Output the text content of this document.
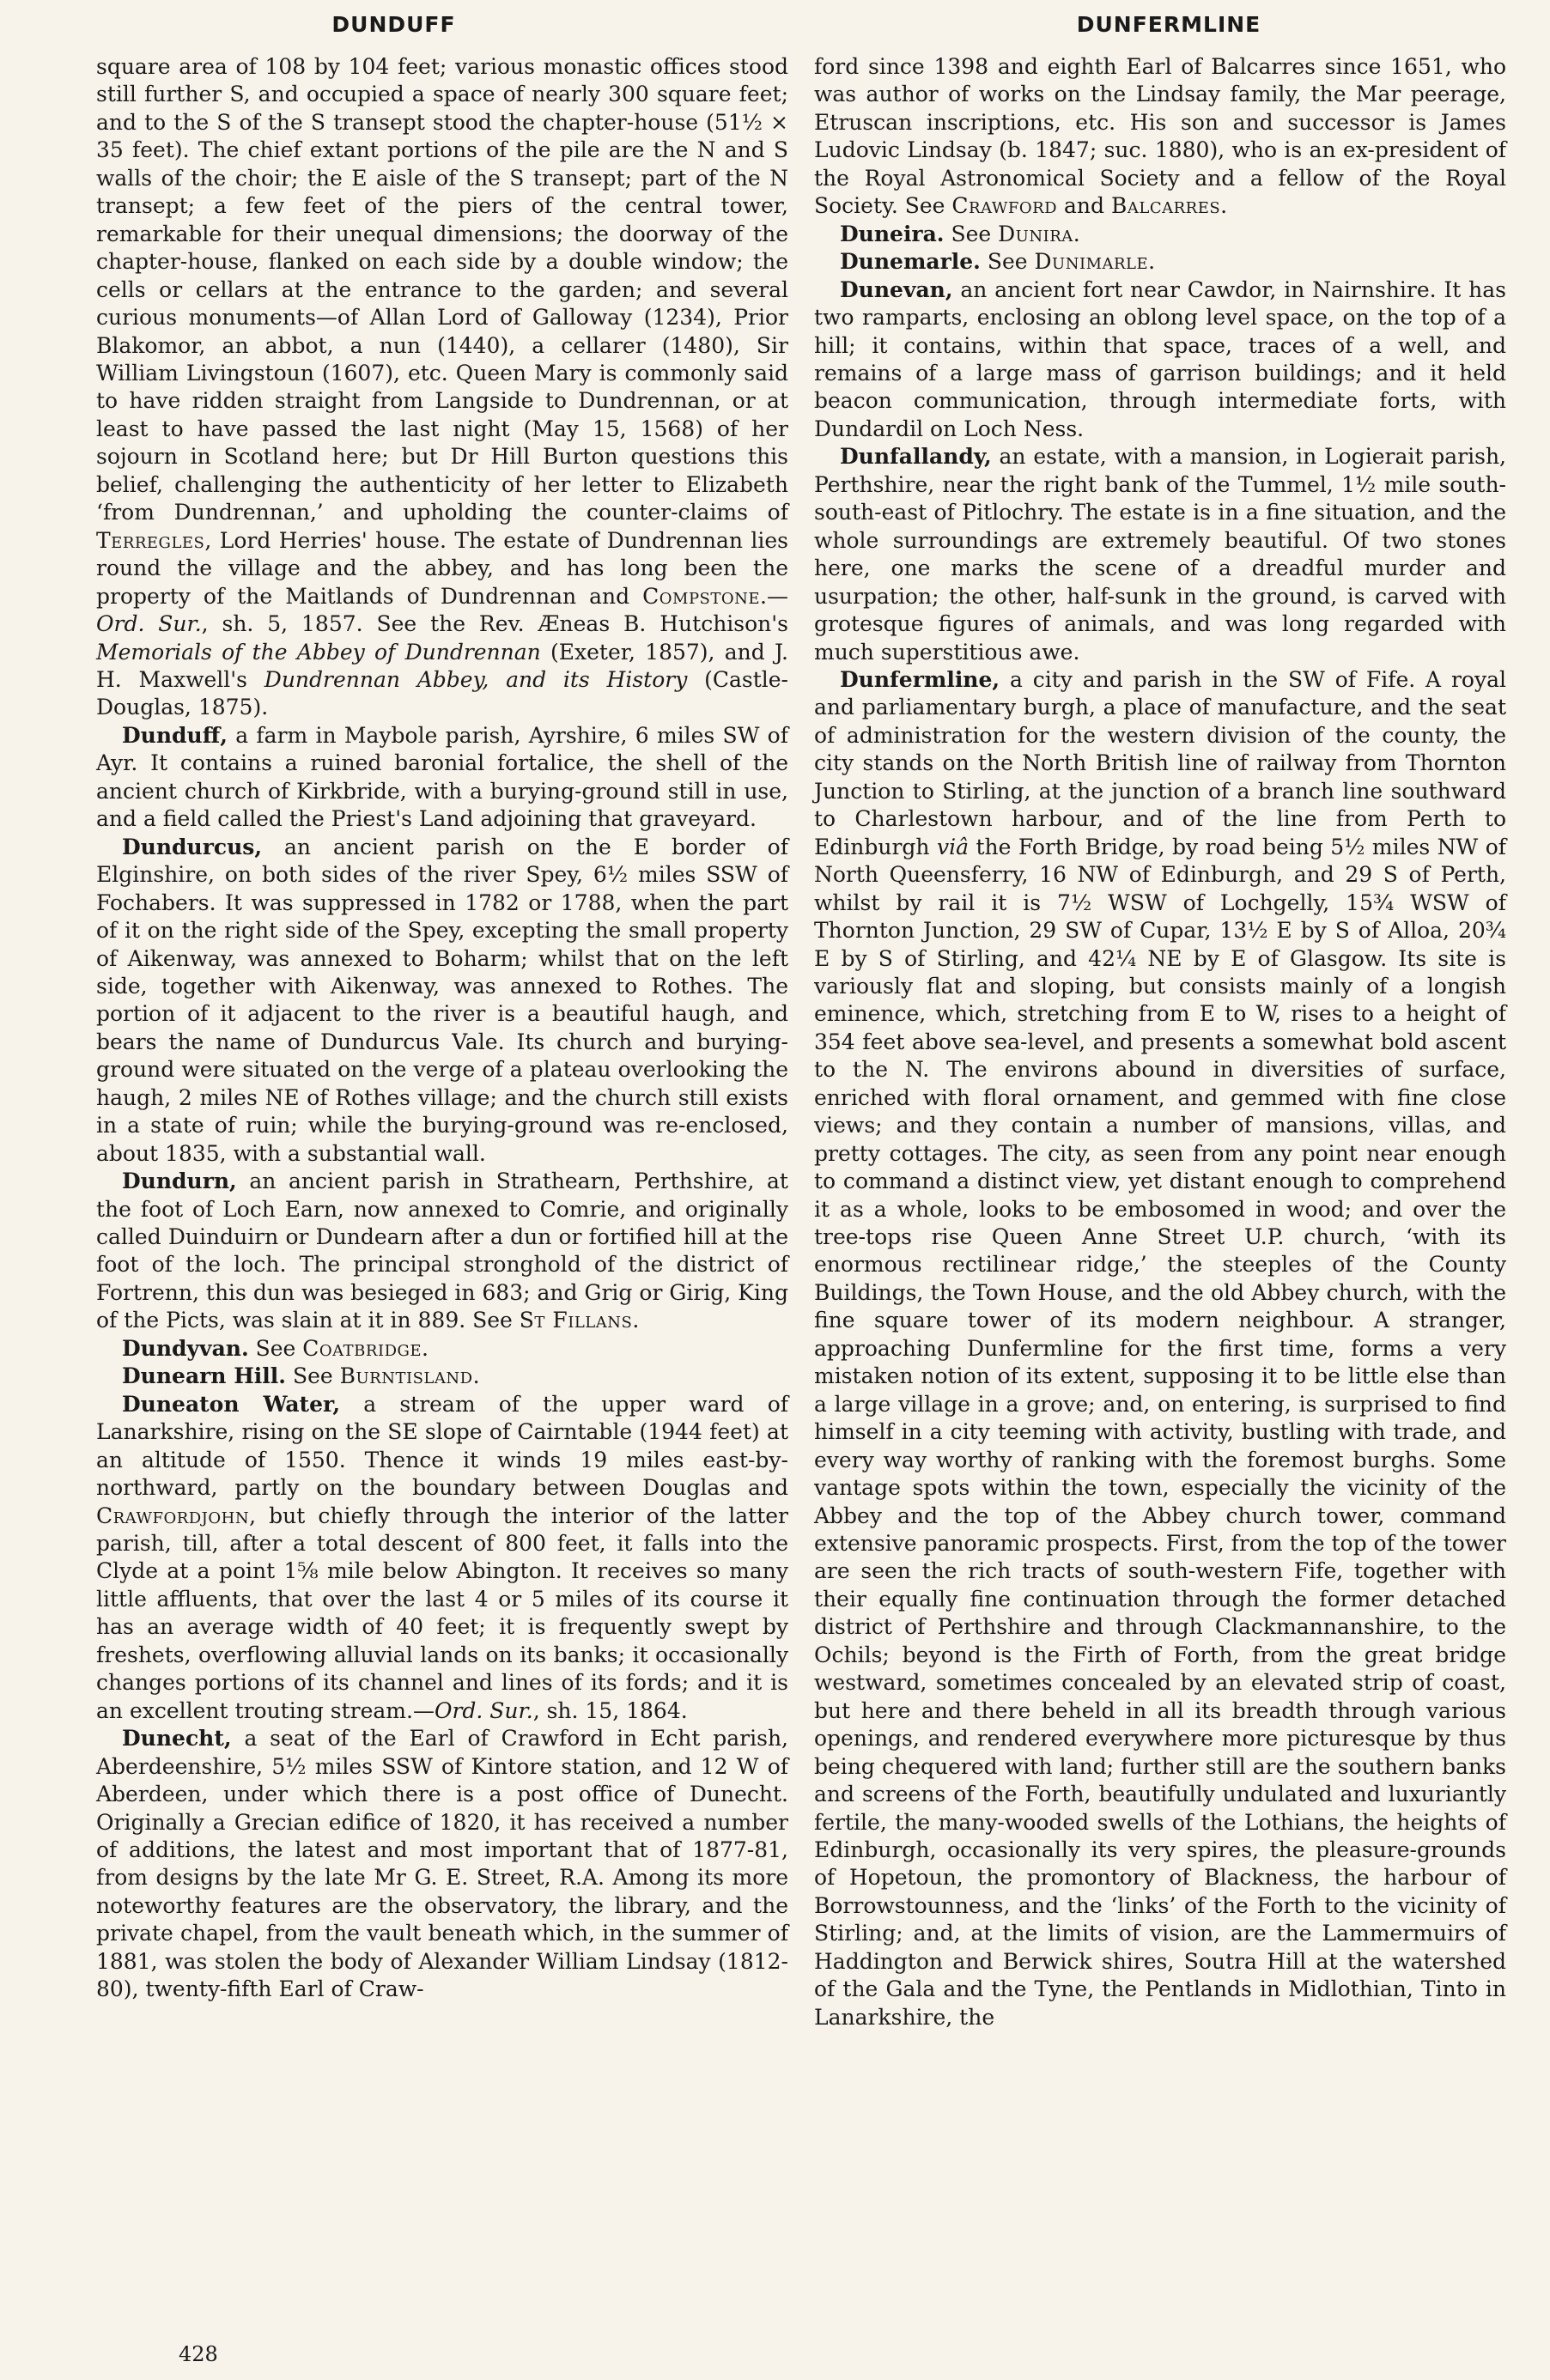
DUNDUFF	DUNFERMLINE

square area of 108 by 104 feet; various monastic offices stood still further S, and occupied a space of nearly 300 square feet; and to the S of the S transept stood the chapter-house (51½ × 35 feet). The chief extant portions of the pile are the N and S walls of the choir; the E aisle of the S transept; part of the N transept; a few feet of the piers of the central tower, remarkable for their unequal dimensions; the doorway of the chapter-house, flanked on each side by a double window; the cells or cellars at the entrance to the garden; and several curious monuments—of Allan Lord of Galloway (1234), Prior Blakomor, an abbot, a nun (1440), a cellarer (1480), Sir William Livingstoun (1607), etc. Queen Mary is commonly said to have ridden straight from Langside to Dundrennan, or at least to have passed the last night (May 15, 1568) of her sojourn in Scotland here; but Dr Hill Burton questions this belief, challenging the authenticity of her letter to Elizabeth ‘from Dundrennan,’ and upholding the counter-claims of Terregles, Lord Herries' house. The estate of Dundrennan lies round the village and the abbey, and has long been the property of the Maitlands of Dundrennan and Compstone.—Ord. Sur., sh. 5, 1857. See the Rev. Æneas B. Hutchison's Memorials of the Abbey of Dundrennan (Exeter, 1857), and J. H. Maxwell's Dundrennan Abbey, and its History (Castle-Douglas, 1875).

Dunduff, a farm in Maybole parish, Ayrshire, 6 miles SW of Ayr. It contains a ruined baronial fortalice, the shell of the ancient church of Kirkbride, with a burying-ground still in use, and a field called the Priest's Land adjoining that graveyard.

Dundurcus, an ancient parish on the E border of Elginshire, on both sides of the river Spey, 6½ miles SSW of Fochabers. It was suppressed in 1782 or 1788, when the part of it on the right side of the Spey, excepting the small property of Aikenway, was annexed to Boharm; whilst that on the left side, together with Aikenway, was annexed to Rothes. The portion of it adjacent to the river is a beautiful haugh, and bears the name of Dundurcus Vale. Its church and burying-ground were situated on the verge of a plateau overlooking the haugh, 2 miles NE of Rothes village; and the church still exists in a state of ruin; while the burying-ground was re-enclosed, about 1835, with a substantial wall.

Dundurn, an ancient parish in Strathearn, Perthshire, at the foot of Loch Earn, now annexed to Comrie, and originally called Duinduirn or Dundearn after a dun or fortified hill at the foot of the loch. The principal stronghold of the district of Fortrenn, this dun was besieged in 683; and Grig or Girig, King of the Picts, was slain at it in 889. See St Fillans.

Dundyvan. See Coatbridge.

Dunearn Hill. See Burntisland.

Duneaton Water, a stream of the upper ward of Lanarkshire, rising on the SE slope of Cairntable (1944 feet) at an altitude of 1550. Thence it winds 19 miles east-by-northward, partly on the boundary between Douglas and Crawfordjohn, but chiefly through the interior of the latter parish, till, after a total descent of 800 feet, it falls into the Clyde at a point 1⅝ mile below Abington. It receives so many little affluents, that over the last 4 or 5 miles of its course it has an average width of 40 feet; it is frequently swept by freshets, overflowing alluvial lands on its banks; it occasionally changes portions of its channel and lines of its fords; and it is an excellent trouting stream.—Ord. Sur., sh. 15, 1864.

Dunecht, a seat of the Earl of Crawford in Echt parish, Aberdeenshire, 5½ miles SSW of Kintore station, and 12 W of Aberdeen, under which there is a post office of Dunecht. Originally a Grecian edifice of 1820, it has received a number of additions, the latest and most important that of 1877-81, from designs by the late Mr G. E. Street, R.A. Among its more noteworthy features are the observatory, the library, and the private chapel, from the vault beneath which, in the summer of 1881, was stolen the body of Alexander William Lindsay (1812-80), twenty-fifth Earl of Craw-

ford since 1398 and eighth Earl of Balcarres since 1651, who was author of works on the Lindsay family, the Mar peerage, Etruscan inscriptions, etc. His son and successor is James Ludovic Lindsay (b. 1847; suc. 1880), who is an ex-president of the Royal Astronomical Society and a fellow of the Royal Society. See Crawford and Balcarres.

Duneira. See Dunira.

Dunemarle. See Dunimarle.

Dunevan, an ancient fort near Cawdor, in Nairnshire. It has two ramparts, enclosing an oblong level space, on the top of a hill; it contains, within that space, traces of a well, and remains of a large mass of garrison buildings; and it held beacon communication, through intermediate forts, with Dundardil on Loch Ness.

Dunfallandy, an estate, with a mansion, in Logierait parish, Perthshire, near the right bank of the Tummel, 1½ mile south-south-east of Pitlochry. The estate is in a fine situation, and the whole surroundings are extremely beautiful. Of two stones here, one marks the scene of a dreadful murder and usurpation; the other, half-sunk in the ground, is carved with grotesque figures of animals, and was long regarded with much superstitious awe.

Dunfermline, a city and parish in the SW of Fife. A royal and parliamentary burgh, a place of manufacture, and the seat of administration for the western division of the county, the city stands on the North British line of railway from Thornton Junction to Stirling, at the junction of a branch line southward to Charlestown harbour, and of the line from Perth to Edinburgh viâ the Forth Bridge, by road being 5½ miles NW of North Queensferry, 16 NW of Edinburgh, and 29 S of Perth, whilst by rail it is 7½ WSW of Lochgelly, 15¾ WSW of Thornton Junction, 29 SW of Cupar, 13½ E by S of Alloa, 20¾ E by S of Stirling, and 42¼ NE by E of Glasgow. Its site is variously flat and sloping, but consists mainly of a longish eminence, which, stretching from E to W, rises to a height of 354 feet above sea-level, and presents a somewhat bold ascent to the N. The environs abound in diversities of surface, enriched with floral ornament, and gemmed with fine close views; and they contain a number of mansions, villas, and pretty cottages. The city, as seen from any point near enough to command a distinct view, yet distant enough to comprehend it as a whole, looks to be embosomed in wood; and over the tree-tops rise Queen Anne Street U.P. church, ‘with its enormous rectilinear ridge,’ the steeples of the County Buildings, the Town House, and the old Abbey church, with the fine square tower of its modern neighbour. A stranger, approaching Dunfermline for the first time, forms a very mistaken notion of its extent, supposing it to be little else than a large village in a grove; and, on entering, is surprised to find himself in a city teeming with activity, bustling with trade, and every way worthy of ranking with the foremost burghs. Some vantage spots within the town, especially the vicinity of the Abbey and the top of the Abbey church tower, command extensive panoramic prospects. First, from the top of the tower are seen the rich tracts of south-western Fife, together with their equally fine continuation through the former detached district of Perthshire and through Clackmannanshire, to the Ochils; beyond is the Firth of Forth, from the great bridge westward, sometimes concealed by an elevated strip of coast, but here and there beheld in all its breadth through various openings, and rendered everywhere more picturesque by thus being chequered with land; further still are the southern banks and screens of the Forth, beautifully undulated and luxuriantly fertile, the many-wooded swells of the Lothians, the heights of Edinburgh, occasionally its very spires, the pleasure-grounds of Hopetoun, the promontory of Blackness, the harbour of Borrowstounness, and the ‘links’ of the Forth to the vicinity of Stirling; and, at the limits of vision, are the Lammermuirs of Haddington and Berwick shires, Soutra Hill at the watershed of the Gala and the Tyne, the Pentlands in Midlothian, Tinto in Lanarkshire, the

428
